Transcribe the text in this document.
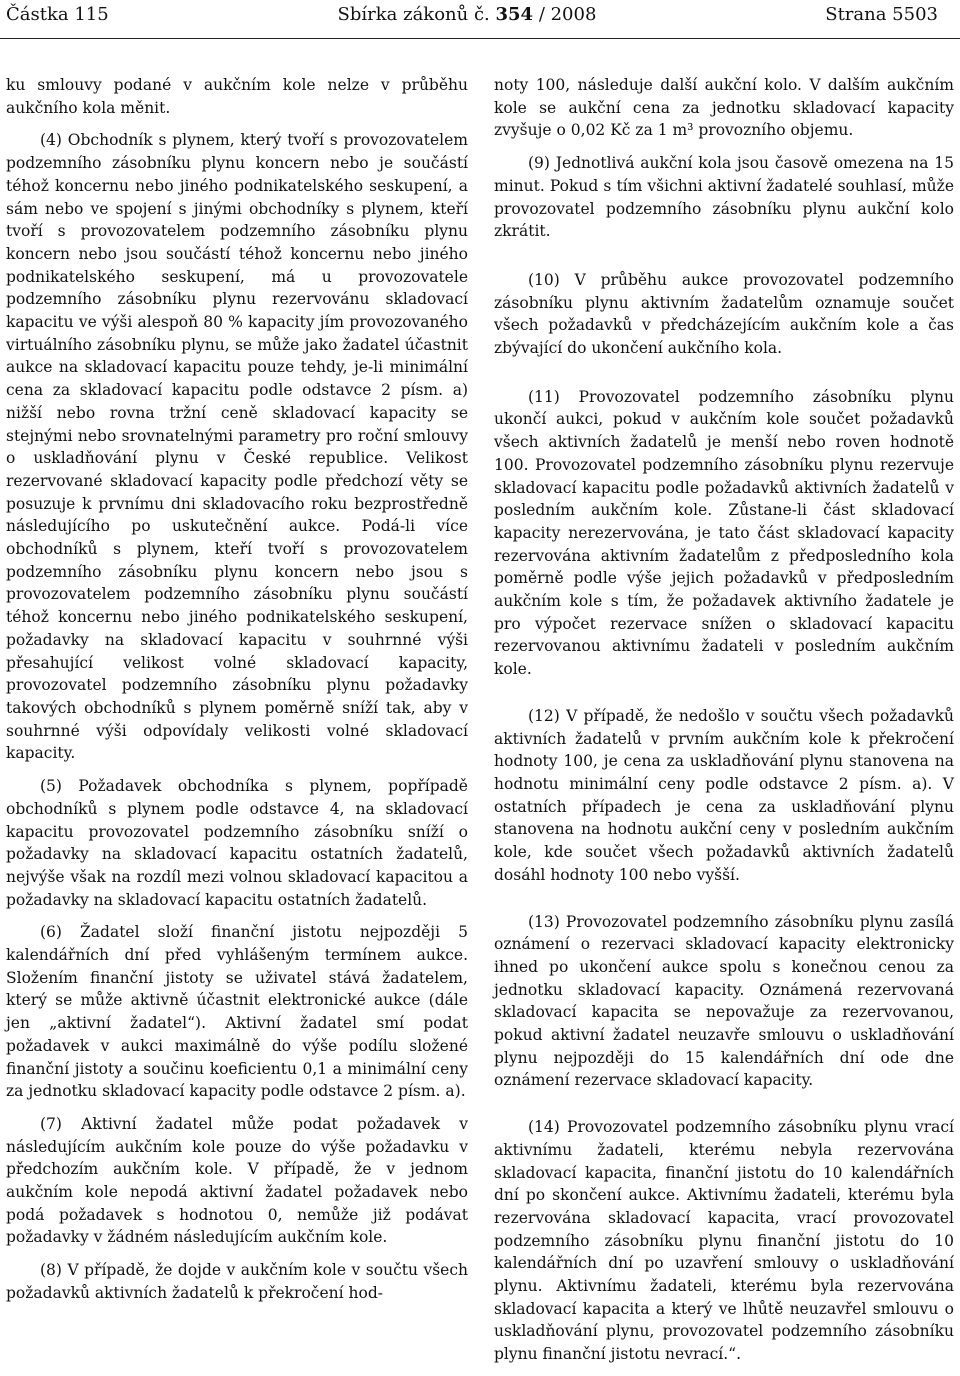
Částka 115	Sbírka zákonů č. 354 / 2008	Strana 5503

ku smlouvy podané v aukčním kole nelze v průběhu aukčního kola měnit.

(4) Obchodník s plynem, který tvoří s provozovatelem podzemního zásobníku plynu koncern nebo je součástí téhož koncernu nebo jiného podnikatelského seskupení, a sám nebo ve spojení s jinými obchodníky s plynem, kteří tvoří s provozovatelem podzemního zásobníku plynu koncern nebo jsou součástí téhož koncernu nebo jiného podnikatelského seskupení, má u provozovatele podzemního zásobníku plynu rezervovánu skladovací kapacitu ve výši alespoň 80 % kapacity jím provozovaného virtuálního zásobníku plynu, se může jako žadatel účastnit aukce na skladovací kapacitu pouze tehdy, je-li minimální cena za skladovací kapacitu podle odstavce 2 písm. a) nižší nebo rovna tržní ceně skladovací kapacity se stejnými nebo srovnatelnými parametry pro roční smlouvy o uskladňování plynu v České republice. Velikost rezervované skladovací kapacity podle předchozí věty se posuzuje k prvnímu dni skladovacího roku bezprostředně následujícího po uskutečnění aukce. Podá-li více obchodníků s plynem, kteří tvoří s provozovatelem podzemního zásobníku plynu koncern nebo jsou s provozovatelem podzemního zásobníku plynu součástí téhož koncernu nebo jiného podnikatelského seskupení, požadavky na skladovací kapacitu v souhrnné výši přesahující velikost volné skladovací kapacity, provozovatel podzemního zásobníku plynu požadavky takových obchodníků s plynem poměrně sníží tak, aby v souhrnné výši odpovídaly velikosti volné skladovací kapacity.

(5) Požadavek obchodníka s plynem, popřípadě obchodníků s plynem podle odstavce 4, na skladovací kapacitu provozovatel podzemního zásobníku sníží o požadavky na skladovací kapacitu ostatních žadatelů, nejvýše však na rozdíl mezi volnou skladovací kapacitou a požadavky na skladovací kapacitu ostatních žadatelů.

(6) Žadatel složí finanční jistotu nejpozději 5 kalendářních dní před vyhlášeným termínem aukce. Složením finanční jistoty se uživatel stává žadatelem, který se může aktivně účastnit elektronické aukce (dále jen „aktivní žadatel“). Aktivní žadatel smí podat požadavek v aukci maximálně do výše podílu složené finanční jistoty a součinu koeficientu 0,1 a minimální ceny za jednotku skladovací kapacity podle odstavce 2 písm. a).

(7) Aktivní žadatel může podat požadavek v následujícím aukčním kole pouze do výše požadavku v předchozím aukčním kole. V případě, že v jednom aukčním kole nepodá aktivní žadatel požadavek nebo podá požadavek s hodnotou 0, nemůže již podávat požadavky v žádném následujícím aukčním kole.

(8) V případě, že dojde v aukčním kole v součtu všech požadavků aktivních žadatelů k překročení hod-

noty 100, následuje další aukční kolo. V dalším aukčním kole se aukční cena za jednotku skladovací kapacity zvyšuje o 0,02 Kč za 1 m³ provozního objemu.

(9) Jednotlivá aukční kola jsou časově omezena na 15 minut. Pokud s tím všichni aktivní žadatelé souhlasí, může provozovatel podzemního zásobníku plynu aukční kolo zkrátit.

(10) V průběhu aukce provozovatel podzemního zásobníku plynu aktivním žadatelům oznamuje součet všech požadavků v předcházejícím aukčním kole a čas zbývající do ukončení aukčního kola.

(11) Provozovatel podzemního zásobníku plynu ukončí aukci, pokud v aukčním kole součet požadavků všech aktivních žadatelů je menší nebo roven hodnotě 100. Provozovatel podzemního zásobníku plynu rezervuje skladovací kapacitu podle požadavků aktivních žadatelů v posledním aukčním kole. Zůstane-li část skladovací kapacity nerezervována, je tato část skladovací kapacity rezervována aktivním žadatelům z předposledního kola poměrně podle výše jejich požadavků v předposledním aukčním kole s tím, že požadavek aktivního žadatele je pro výpočet rezervace snížen o skladovací kapacitu rezervovanou aktivnímu žadateli v posledním aukčním kole.

(12) V případě, že nedošlo v součtu všech požadavků aktivních žadatelů v prvním aukčním kole k překročení hodnoty 100, je cena za uskladňování plynu stanovena na hodnotu minimální ceny podle odstavce 2 písm. a). V ostatních případech je cena za uskladňování plynu stanovena na hodnotu aukční ceny v posledním aukčním kole, kde součet všech požadavků aktivních žadatelů dosáhl hodnoty 100 nebo vyšší.

(13) Provozovatel podzemního zásobníku plynu zasílá oznámení o rezervaci skladovací kapacity elektronicky ihned po ukončení aukce spolu s konečnou cenou za jednotku skladovací kapacity. Oznámená rezervovaná skladovací kapacita se nepovažuje za rezervovanou, pokud aktivní žadatel neuzavře smlouvu o uskladňování plynu nejpozději do 15 kalendářních dní ode dne oznámení rezervace skladovací kapacity.

(14) Provozovatel podzemního zásobníku plynu vrací aktivnímu žadateli, kterému nebyla rezervována skladovací kapacita, finanční jistotu do 10 kalendářních dní po skončení aukce. Aktivnímu žadateli, kterému byla rezervována skladovací kapacita, vrací provozovatel podzemního zásobníku plynu finanční jistotu do 10 kalendářních dní po uzavření smlouvy o uskladňování plynu. Aktivnímu žadateli, kterému byla rezervována skladovací kapacita a který ve lhůtě neuzavřel smlouvu o uskladňování plynu, provozovatel podzemního zásobníku plynu finanční jistotu nevrací.“.
